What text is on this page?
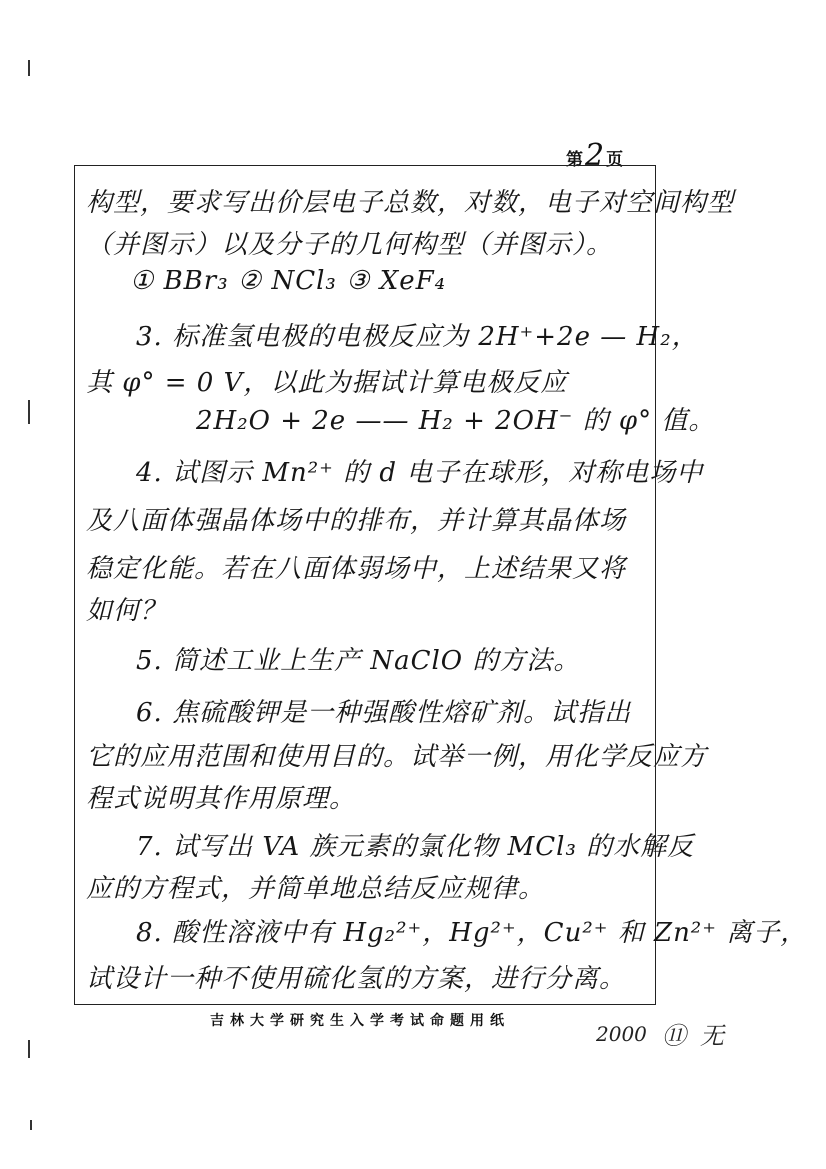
第2 页
构型，要求写出价层电子总数，对数，电子对空间构型
（并图示）以及分子的几何构型（并图示）。
① BBr₃ ② NCl₃ ③ XeF₄
3. 标准氢电极的电极反应为 2H⁺+2e — H₂，
其 φ° = 0 V，以此为据试计算电极反应
2H₂O + 2e —— H₂ + 2OH⁻ 的 φ° 值。
4. 试图示 Mn²⁺ 的 d 电子在球形，对称电场中
及八面体强晶体场中的排布，并计算其晶体场
稳定化能。若在八面体弱场中，上述结果又将
如何？
5. 简述工业上生产 NaClO 的方法。
6. 焦硫酸钾是一种强酸性熔矿剂。试指出
它的应用范围和使用目的。试举一例，用化学反应方
程式说明其作用原理。
7. 试写出 VA 族元素的氯化物 MCl₃ 的水解反
应的方程式，并简单地总结反应规律。
8. 酸性溶液中有 Hg₂²⁺，Hg²⁺，Cu²⁺ 和 Zn²⁺ 离子，
试设计一种不使用硫化氢的方案，进行分离。
吉林大学研究生入学考试命题用纸
2000 ⑪ 无
